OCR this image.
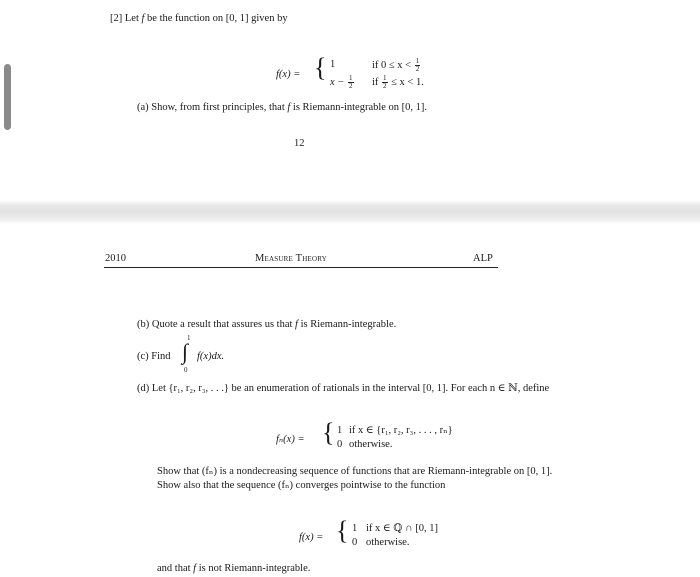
[2] Let f be the function on [0, 1] given by
f(x) = { 1	if $0 \le x < \frac{1}{2}$
$x - \frac{1}{2}$ if $\frac{1}{2} \le x < 1$.
(a) Show, from first principles, that f is Riemann-integrable on [0, 1].
12
2010	Measure Theory	ALP
(b) Quote a result that assures us that f is Riemann-integrable.
(c) Find
1
∫
0
f(x)dx.
(d) Let {r₁, r₂, r₃, . . .} be an enumeration of rationals in the interval [0, 1]. For each n ∈ ℕ, define
fₙ(x) = { 1 if x ∈ {r₁, r₂, r₃, . . . , rₙ}
0 otherwise.
Show that (fₙ) is a nondecreasing sequence of functions that are Riemann-integrable on [0, 1].
Show also that the sequence (fₙ) converges pointwise to the function
f(x) = { 1 if x ∈ ℚ ∩ [0, 1]
0 otherwise.
and that f is not Riemann-integrable.
